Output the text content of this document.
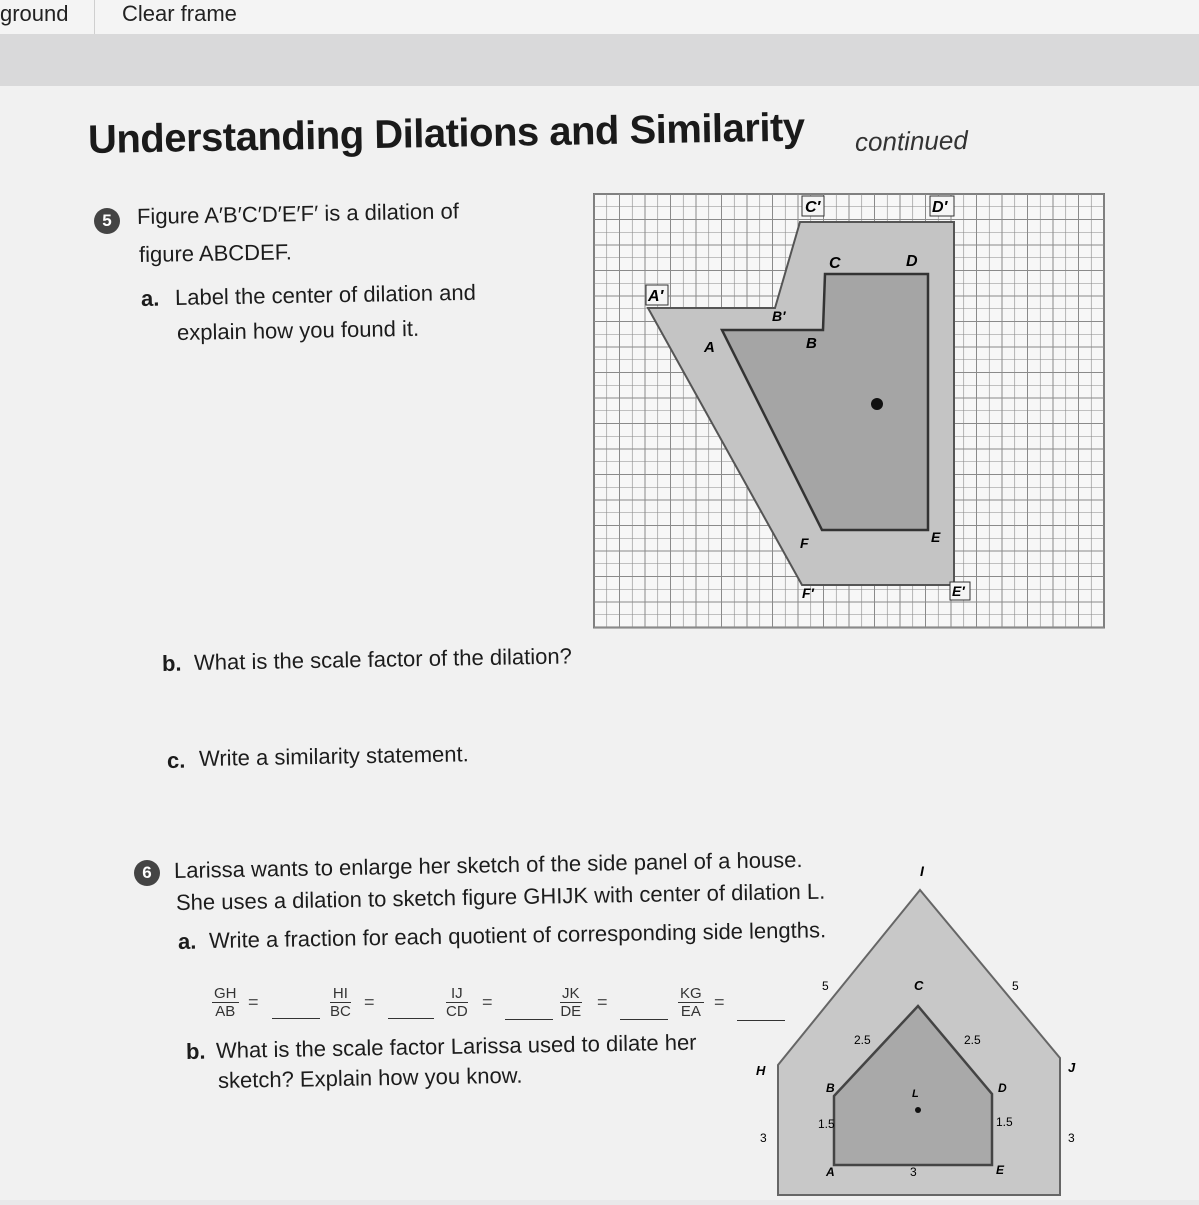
ground Clear frame
Understanding Dilations and Similarity continued
5	Figure A′B′C′D′E′F′ is a dilation of
figure ABCDEF.
a. Label the center of dilation and
explain how you found it.
b. What is the scale factor of the dilation?
c. Write a similarity statement.
C′	D′
C	D
A′
B′
A	B
F	E
F′	E′
6	Larissa wants to enlarge her sketch of the side panel of a house.
She uses a dilation to sketch figure GHIJK with center of dilation L.
a. Write a fraction for each quotient of corresponding side lengths.
$\frac{GH}{AB}$ =	$\frac{HI}{BC}$ =	$\frac{IJ}{CD}$ =	$\frac{JK}{DE}$ =	$\frac{KG}{EA}$ =
b. What is the scale factor Larissa used to dilate her
sketch? Explain how you know.
I
H	J
C
B	D
L
A	E
5	5
3	3
2.5	2.5
1.5	1.5
3
